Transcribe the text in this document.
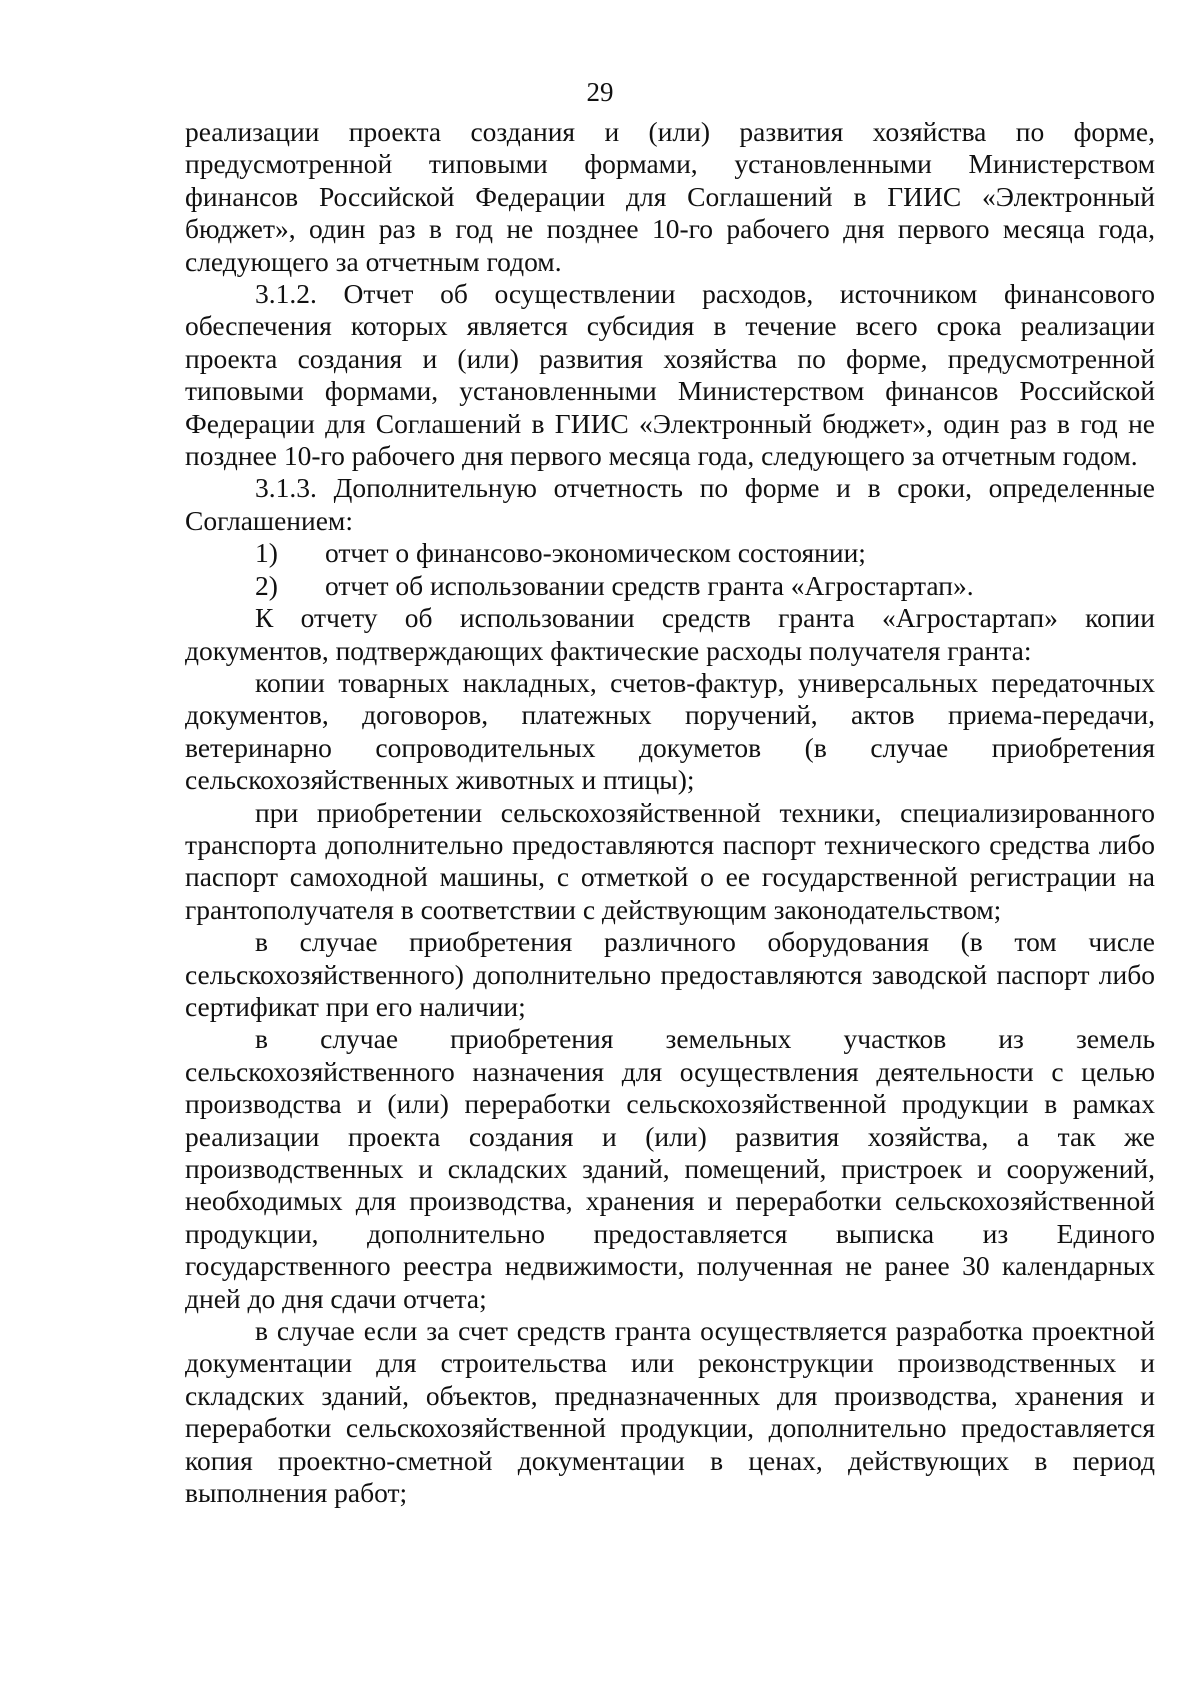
29

реализации проекта создания и (или) развития хозяйства по форме, предусмотренной типовыми формами, установленными Министерством финансов Российской Федерации для Соглашений в ГИИС «Электронный бюджет», один раз в год не позднее 10-го рабочего дня первого месяца года, следующего за отчетным годом.

3.1.2. Отчет об осуществлении расходов, источником финансового обеспечения которых является субсидия в течение всего срока реализации проекта создания и (или) развития хозяйства по форме, предусмотренной типовыми формами, установленными Министерством финансов Российской Федерации для Соглашений в ГИИС «Электронный бюджет», один раз в год не позднее 10-го рабочего дня первого месяца года, следующего за отчетным годом.

3.1.3. Дополнительную отчетность по форме и в сроки, определенные Соглашением:

1)	отчет о финансово-экономическом состоянии;
2)	отчет об использовании средств гранта «Агростартап».

К отчету об использовании средств гранта «Агростартап» копии документов, подтверждающих фактические расходы получателя гранта:

копии товарных накладных, счетов-фактур, универсальных передаточных документов, договоров, платежных поручений, актов приема-передачи, ветеринарно сопроводительных докуметов (в случае приобретения сельскохозяйственных животных и птицы);

при приобретении сельскохозяйственной техники, специализированного транспорта дополнительно предоставляются паспорт технического средства либо паспорт самоходной машины, с отметкой о ее государственной регистрации на грантополучателя в соответствии с действующим законодательством;

в случае приобретения различного оборудования (в том числе сельскохозяйственного) дополнительно предоставляются заводской паспорт либо сертификат при его наличии;

в случае приобретения земельных участков из земель сельскохозяйственного назначения для осуществления деятельности с целью производства и (или) переработки сельскохозяйственной продукции в рамках реализации проекта создания и (или) развития хозяйства, а так же производственных и складских зданий, помещений, пристроек и сооружений, необходимых для производства, хранения и переработки сельскохозяйственной продукции, дополнительно предоставляется выписка из Единого государственного реестра недвижимости, полученная не ранее 30 календарных дней до дня сдачи отчета;

в случае если за счет средств гранта осуществляется разработка проектной документации для строительства или реконструкции производственных и складских зданий, объектов, предназначенных для производства, хранения и переработки сельскохозяйственной продукции, дополнительно предоставляется копия проектно-сметной документации в ценах, действующих в период выполнения работ;
